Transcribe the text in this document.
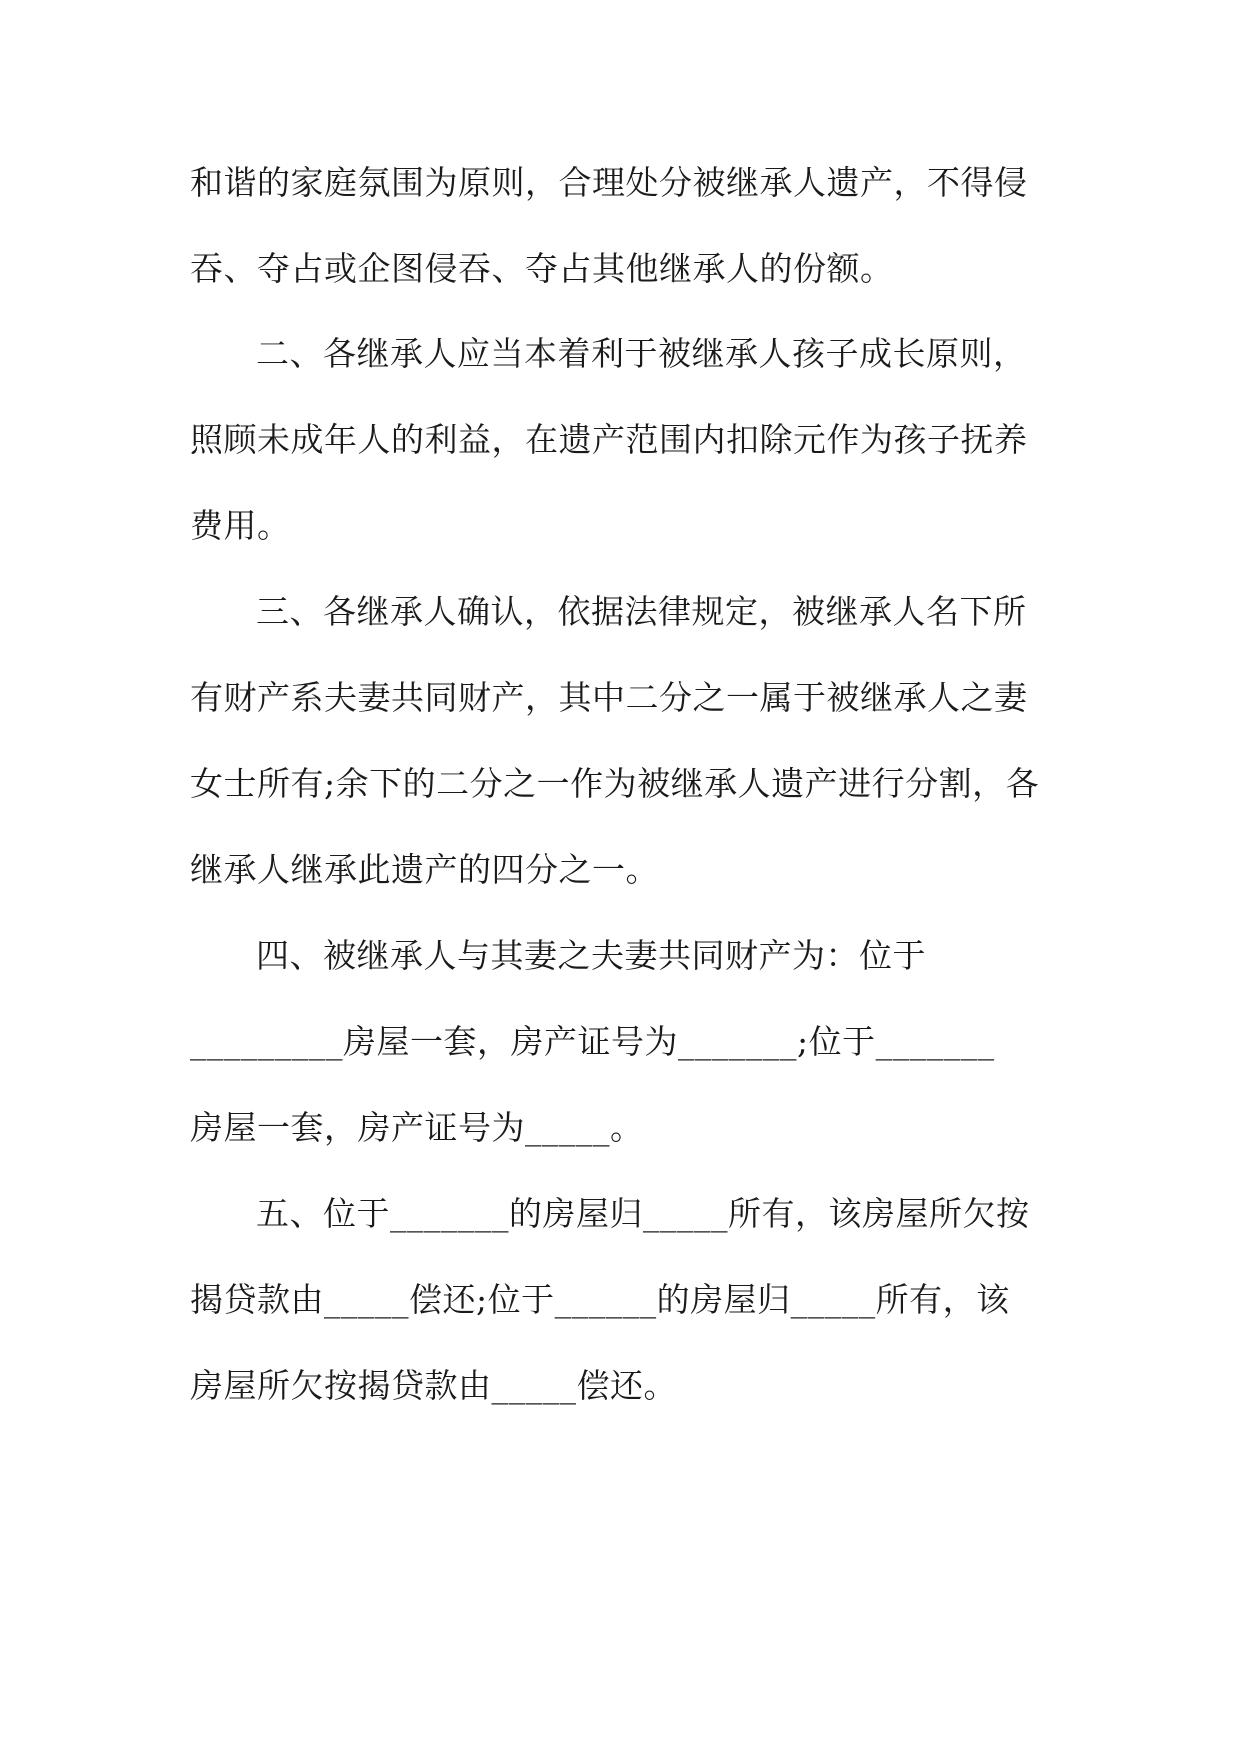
和谐的家庭氛围为原则，合理处分被继承人遗产，不得侵
吞、夺占或企图侵吞、夺占其他继承人的份额。
二、各继承人应当本着利于被继承人孩子成长原则，
照顾未成年人的利益，在遗产范围内扣除元作为孩子抚养
费用。
三、各继承人确认，依据法律规定，被继承人名下所
有财产系夫妻共同财产，其中二分之一属于被继承人之妻
女士所有;余下的二分之一作为被继承人遗产进行分割，各
继承人继承此遗产的四分之一。
四、被继承人与其妻之夫妻共同财产为：位于
_________房屋一套，房产证号为_______;位于_______
房屋一套，房产证号为_____。
五、位于_______的房屋归_____所有，该房屋所欠按
揭贷款由_____偿还;位于______的房屋归_____所有，该
房屋所欠按揭贷款由_____偿还。
